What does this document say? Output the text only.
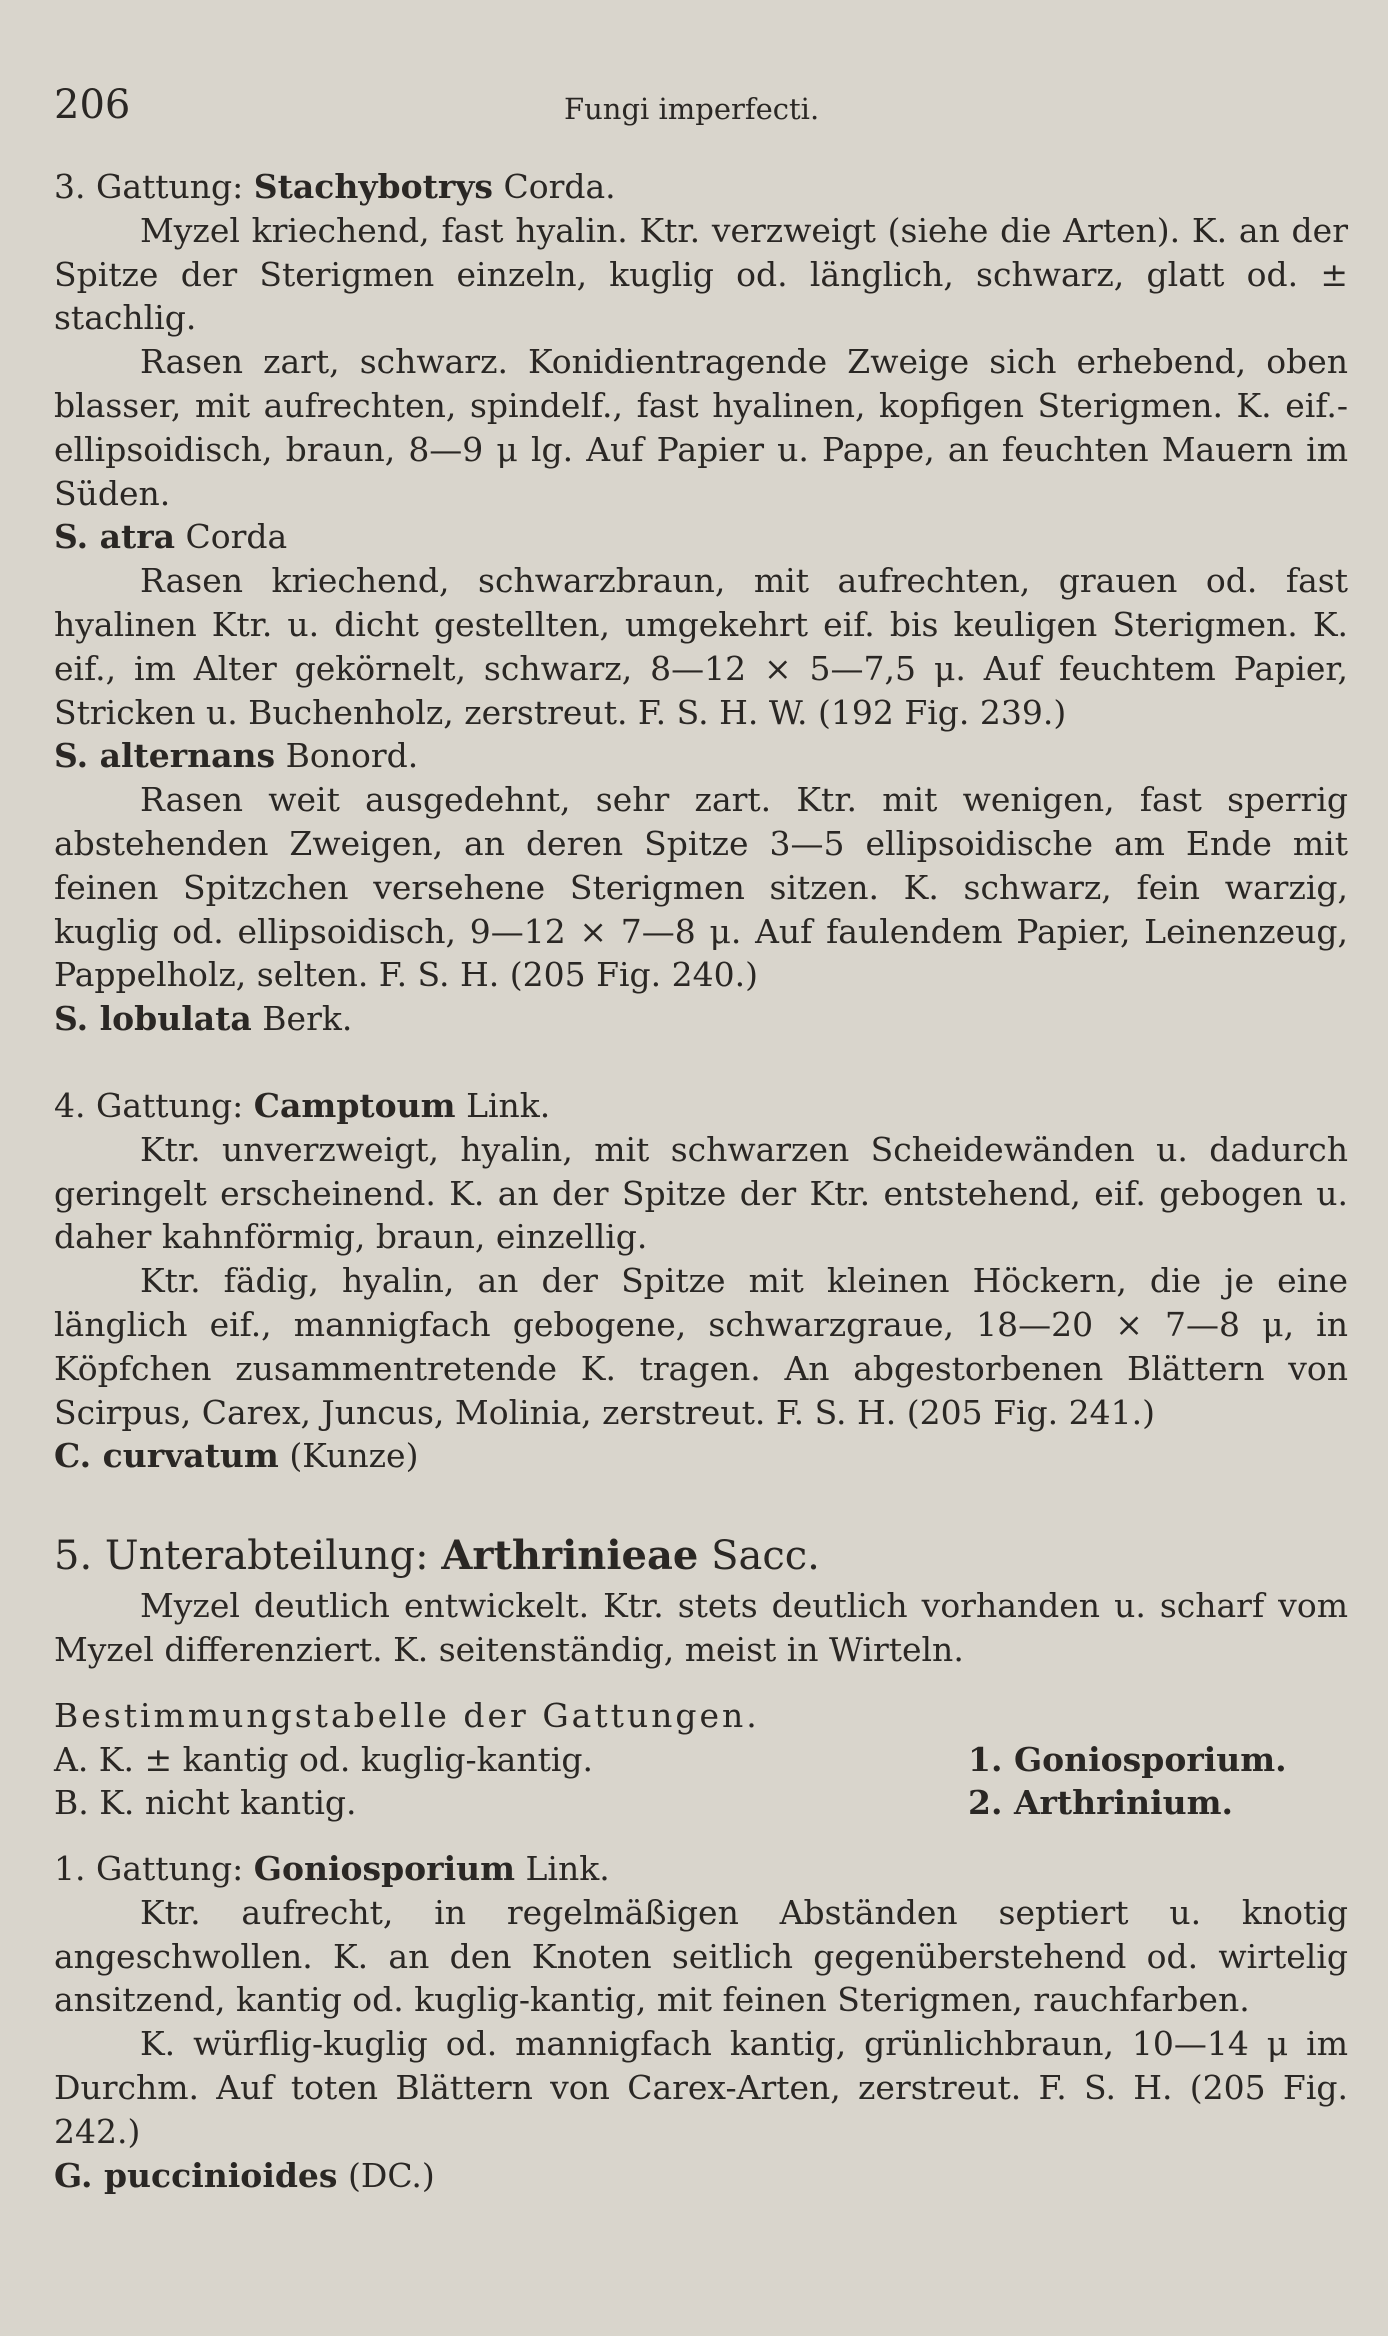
206	Fungi imperfecti.

3. Gattung: Stachybotrys Corda.

Myzel kriechend, fast hyalin. Ktr. verzweigt (siehe die Arten). K. an der Spitze der Sterigmen einzeln, kuglig od. länglich, schwarz, glatt od. ± stachlig.

Rasen zart, schwarz. Konidientragende Zweige sich erhebend, oben blasser, mit aufrechten, spindelf., fast hyalinen, kopfigen Sterigmen. K. eif.-ellipsoidisch, braun, 8—9 μ lg. Auf Papier u. Pappe, an feuchten Mauern im Süden.

S. atra Corda

Rasen kriechend, schwarzbraun, mit aufrechten, grauen od. fast hyalinen Ktr. u. dicht gestellten, umgekehrt eif. bis keuligen Sterigmen. K. eif., im Alter gekörnelt, schwarz, 8—12 × 5—7,5 μ. Auf feuchtem Papier, Stricken u. Buchenholz, zerstreut. F. S. H. W. (192 Fig. 239.)

S. alternans Bonord.

Rasen weit ausgedehnt, sehr zart. Ktr. mit wenigen, fast sperrig abstehenden Zweigen, an deren Spitze 3—5 ellipsoidische am Ende mit feinen Spitzchen versehene Sterigmen sitzen. K. schwarz, fein warzig, kuglig od. ellipsoidisch, 9—12 × 7—8 μ. Auf faulendem Papier, Leinenzeug, Pappelholz, selten. F. S. H. (205 Fig. 240.)

S. lobulata Berk.

4. Gattung: Camptoum Link.

Ktr. unverzweigt, hyalin, mit schwarzen Scheidewänden u. dadurch geringelt erscheinend. K. an der Spitze der Ktr. entstehend, eif. gebogen u. daher kahnförmig, braun, einzellig.

Ktr. fädig, hyalin, an der Spitze mit kleinen Höckern, die je eine länglich eif., mannigfach gebogene, schwarzgraue, 18—20 × 7—8 μ, in Köpfchen zusammentretende K. tragen. An abgestorbenen Blättern von Scirpus, Carex, Juncus, Molinia, zerstreut. F. S. H. (205 Fig. 241.)

C. curvatum (Kunze)

5. Unterabteilung: Arthrinieae Sacc.

Myzel deutlich entwickelt. Ktr. stets deutlich vorhanden u. scharf vom Myzel differenziert. K. seitenständig, meist in Wirteln.

Bestimmungstabelle der Gattungen.

A. K. ± kantig od. kuglig-kantig.	1. Goniosporium.

B. K. nicht kantig.	2. Arthrinium.

1. Gattung: Goniosporium Link.

Ktr. aufrecht, in regelmäßigen Abständen septiert u. knotig angeschwollen. K. an den Knoten seitlich gegenüberstehend od. wirtelig ansitzend, kantig od. kuglig-kantig, mit feinen Sterigmen, rauchfarben.

K. würflig-kuglig od. mannigfach kantig, grünlichbraun, 10—14 μ im Durchm. Auf toten Blättern von Carex-Arten, zerstreut. F. S. H. (205 Fig. 242.)

G. puccinioides (DC.)
